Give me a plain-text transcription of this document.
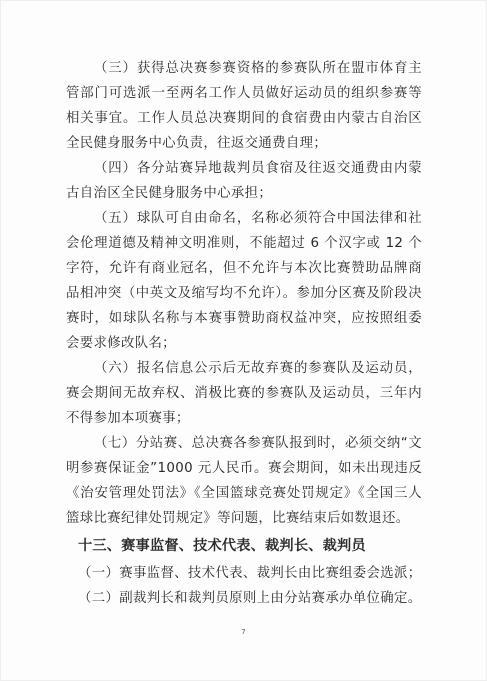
（三）获得总决赛参赛资格的参赛队所在盟市体育主管部门可选派一至两名工作人员做好运动员的组织参赛等相关事宜。工作人员总决赛期间的食宿费由内蒙古自治区全民健身服务中心负责，往返交通费自理；

（四）各分站赛异地裁判员食宿及往返交通费由内蒙古自治区全民健身服务中心承担；

（五）球队可自由命名，名称必须符合中国法律和社会伦理道德及精神文明准则，不能超过 6 个汉字或 12 个字符，允许有商业冠名，但不允许与本次比赛赞助品牌商品相冲突（中英文及缩写均不允许）。参加分区赛及阶段决赛时，如球队名称与本赛事赞助商权益冲突，应按照组委会要求修改队名；

（六）报名信息公示后无故弃赛的参赛队及运动员，赛会期间无故弃权、消极比赛的参赛队及运动员，三年内不得参加本项赛事；

（七）分站赛、总决赛各参赛队报到时，必须交纳“文明参赛保证金”1000 元人民币。赛会期间，如未出现违反《治安管理处罚法》《全国篮球竞赛处罚规定》《全国三人篮球比赛纪律处罚规定》等问题，比赛结束后如数退还。

十三、赛事监督、技术代表、裁判长、裁判员

（一）赛事监督、技术代表、裁判长由比赛组委会选派；

（二）副裁判长和裁判员原则上由分站赛承办单位确定。

7
